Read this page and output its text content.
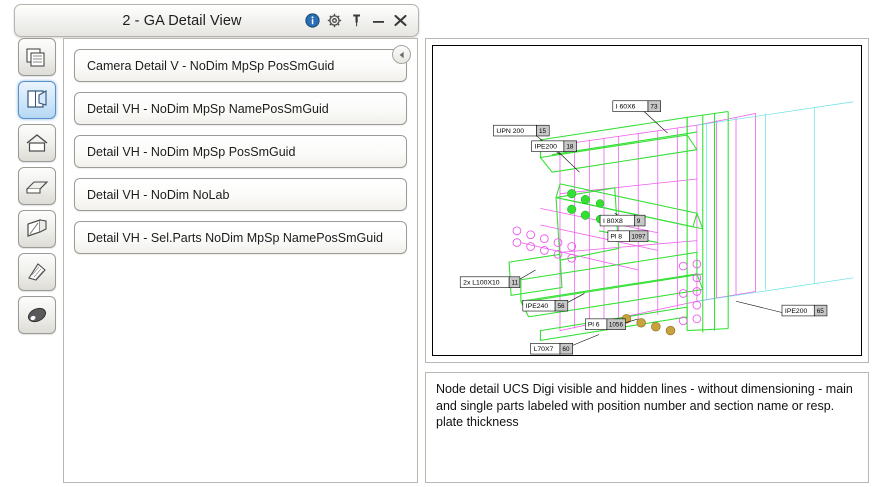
2 - GA Detail View
Camera Detail V - NoDim MpSp PosSmGuid
Detail VH - NoDim MpSp NamePosSmGuid
Detail VH - NoDim MpSp PosSmGuid
Detail VH - NoDim NoLab
Detail VH - Sel.Parts NoDim MpSp NamePosSmGuid
I 60X6 73
UPN 200 15
IPE200 18
I 80X8 9
Pl 8 1097
2x L100X10 11
IPE240 56
Pl 6 1056
IPE200 65
L70X7 60
Node detail UCS Digi visible and hidden lines - without dimensioning - main and single parts labeled with position number and section name or resp. plate thickness
